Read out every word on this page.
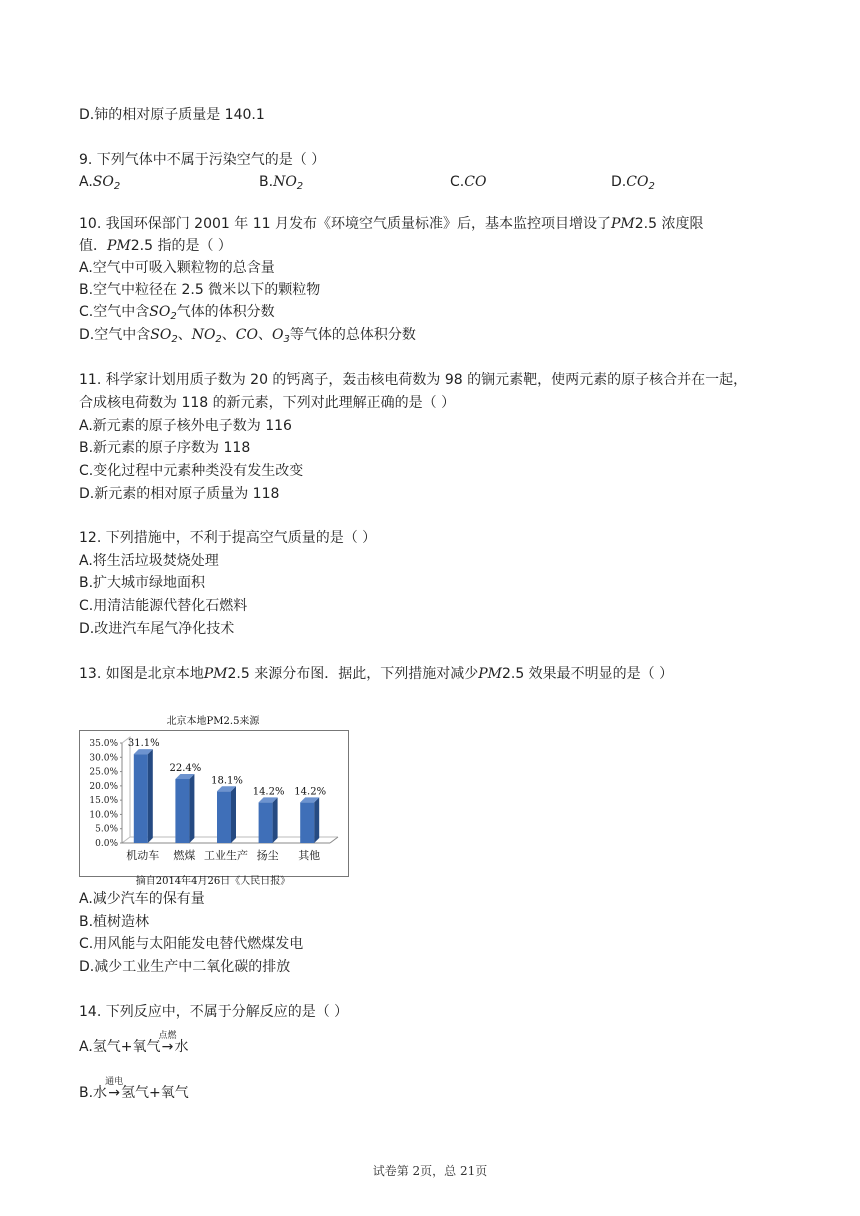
D.铈的相对原子质量是 140.1
9. 下列气体中不属于污染空气的是（ ）
$A.SO_2$	$B.NO_2$	C.CO	$D.CO_2$
10. 我国环保部门 2001 年 11 月发布《环境空气质量标准》后，基本监控项目增设了PM2.5 浓度限
值．PM2.5 指的是（ ）
A.空气中可吸入颗粒物的总含量
B.空气中粒径在 2.5 微米以下的颗粒物
C.空气中含$SO_2$气体的体积分数
D.空气中含$SO_2$、$NO_2$、CO、$O_3$等气体的总体积分数
11. 科学家计划用质子数为 20 的钙离子，轰击核电荷数为 98 的锎元素靶，使两元素的原子核合并在一起，
合成核电荷数为 118 的新元素，下列对此理解正确的是（ ）
A.新元素的原子核外电子数为 116
B.新元素的原子序数为 118
C.变化过程中元素种类没有发生改变
D.新元素的相对原子质量为 118
12. 下列措施中，不利于提高空气质量的是（ ）
A.将生活垃圾焚烧处理
B.扩大城市绿地面积
C.用清洁能源代替化石燃料
D.改进汽车尾气净化技术
13. 如图是北京本地PM2.5 来源分布图．据此，下列措施对减少PM2.5 效果最不明显的是（ ）
北京本地PM2.5来源
0.0%
5.0%
10.0%
15.0%
20.0%
25.0%
30.0%
35.0% 31.1%
机动车
22.4%
燃煤
18.1%
工业生产
14.2%
扬尘
14.2%
其他
摘自2014年4月26日《人民日报》
A.减少汽车的保有量
B.植树造林
C.用风能与太阳能发电替代燃煤发电
D.减少工业生产中二氧化碳的排放
14. 下列反应中，不属于分解反应的是（ ）
A.氢气+氧气
点燃
→水
B.水
通电
→氢气+氧气
试卷第 2页，总 21页
